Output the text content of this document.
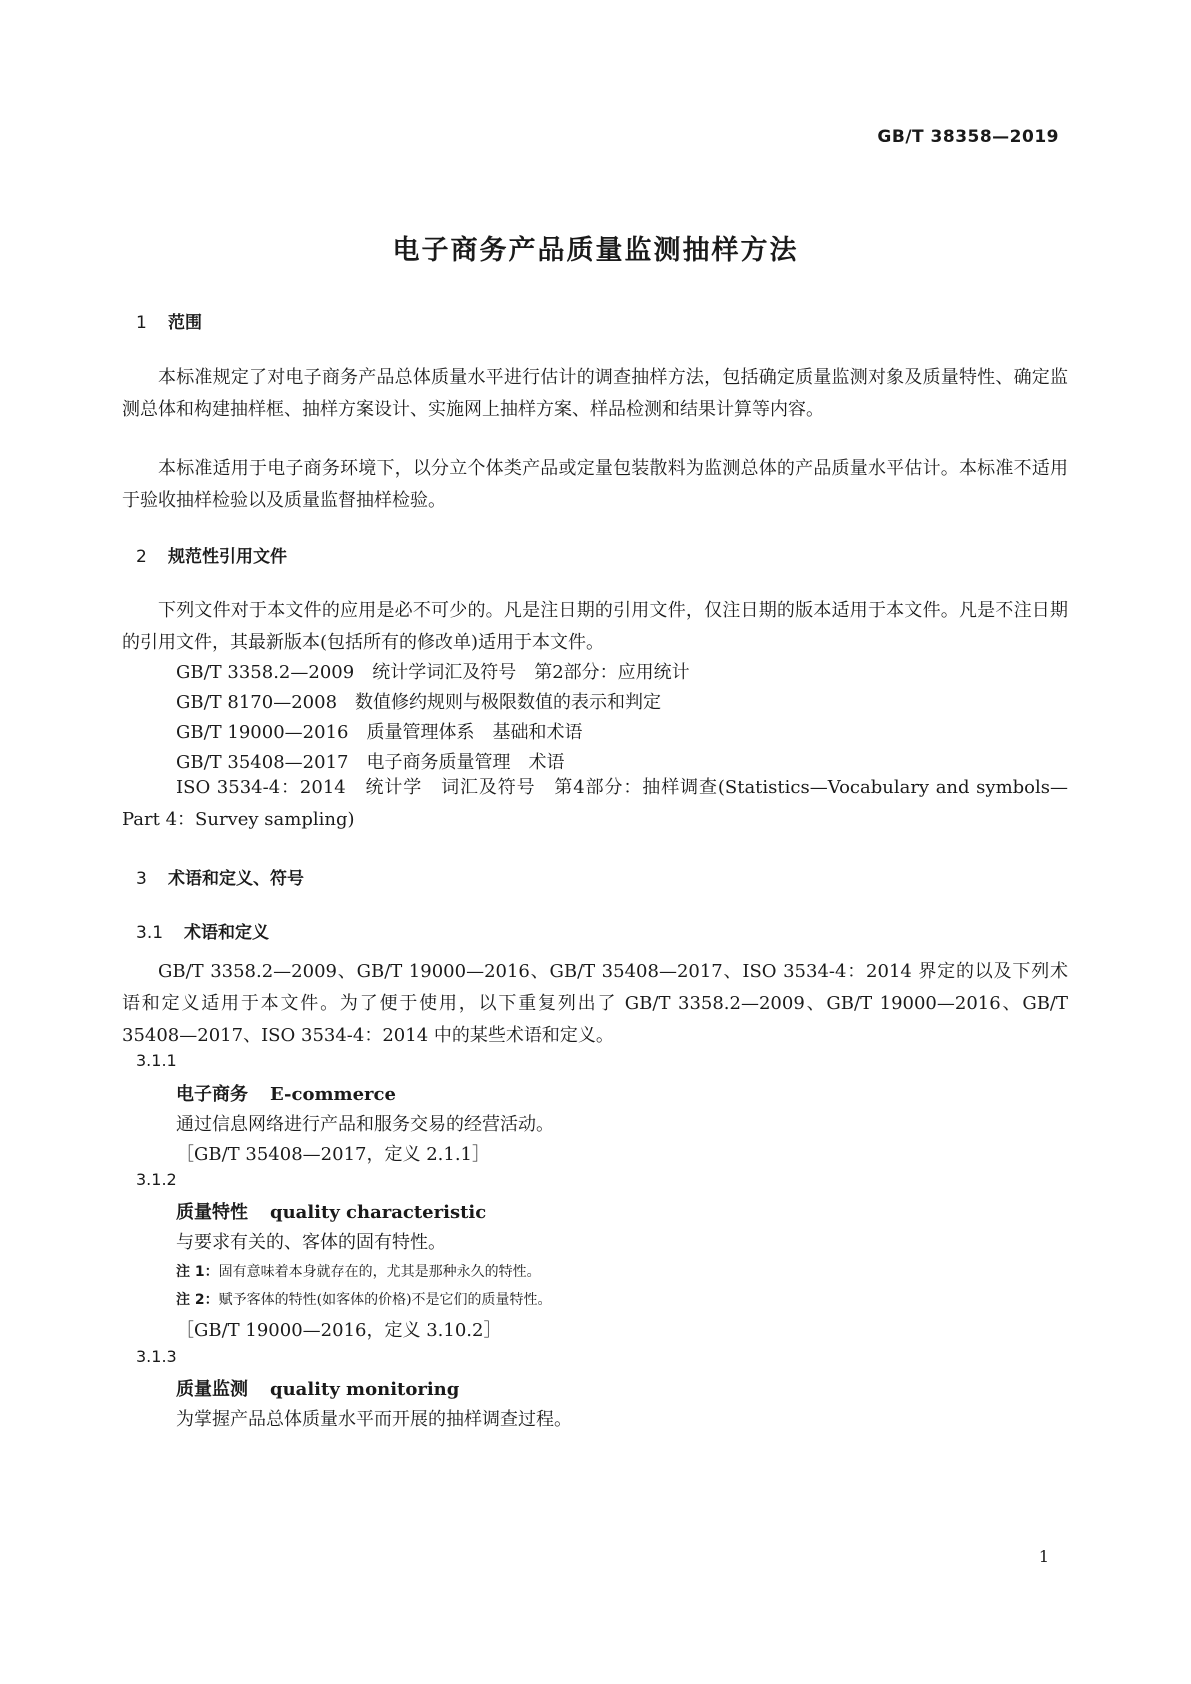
GB/T 38358—2019
电子商务产品质量监测抽样方法
1 范围

本标准规定了对电子商务产品总体质量水平进行估计的调查抽样方法，包括确定质量监测对象及质量特性、确定监测总体和构建抽样框、抽样方案设计、实施网上抽样方案、样品检测和结果计算等内容。

本标准适用于电子商务环境下，以分立个体类产品或定量包装散料为监测总体的产品质量水平估计。本标准不适用于验收抽样检验以及质量监督抽样检验。

2 规范性引用文件

下列文件对于本文件的应用是必不可少的。凡是注日期的引用文件，仅注日期的版本适用于本文件。凡是不注日期的引用文件，其最新版本(包括所有的修改单)适用于本文件。

GB/T 3358.2—2009　统计学词汇及符号　第2部分：应用统计
GB/T 8170—2008　数值修约规则与极限数值的表示和判定
GB/T 19000—2016　质量管理体系　基础和术语
GB/T 35408—2017　电子商务质量管理　术语

ISO 3534-4：2014　统计学　词汇及符号　第4部分：抽样调查(Statistics—Vocabulary and symbols—Part 4：Survey sampling)

3 术语和定义、符号
3.1 术语和定义

GB/T 3358.2—2009、GB/T 19000—2016、GB/T 35408—2017、ISO 3534-4：2014 界定的以及下列术语和定义适用于本文件。为了便于使用，以下重复列出了 GB/T 3358.2—2009、GB/T 19000—2016、GB/T 35408—2017、ISO 3534-4：2014 中的某些术语和定义。

3.1.1
电子商务 E-commerce
通过信息网络进行产品和服务交易的经营活动。
［GB/T 35408—2017，定义 2.1.1］
3.1.2
质量特性 quality characteristic
与要求有关的、客体的固有特性。
注 1：固有意味着本身就存在的，尤其是那种永久的特性。
注 2：赋予客体的特性(如客体的价格)不是它们的质量特性。
［GB/T 19000—2016，定义 3.10.2］
3.1.3
质量监测 quality monitoring
为掌握产品总体质量水平而开展的抽样调查过程。
1
